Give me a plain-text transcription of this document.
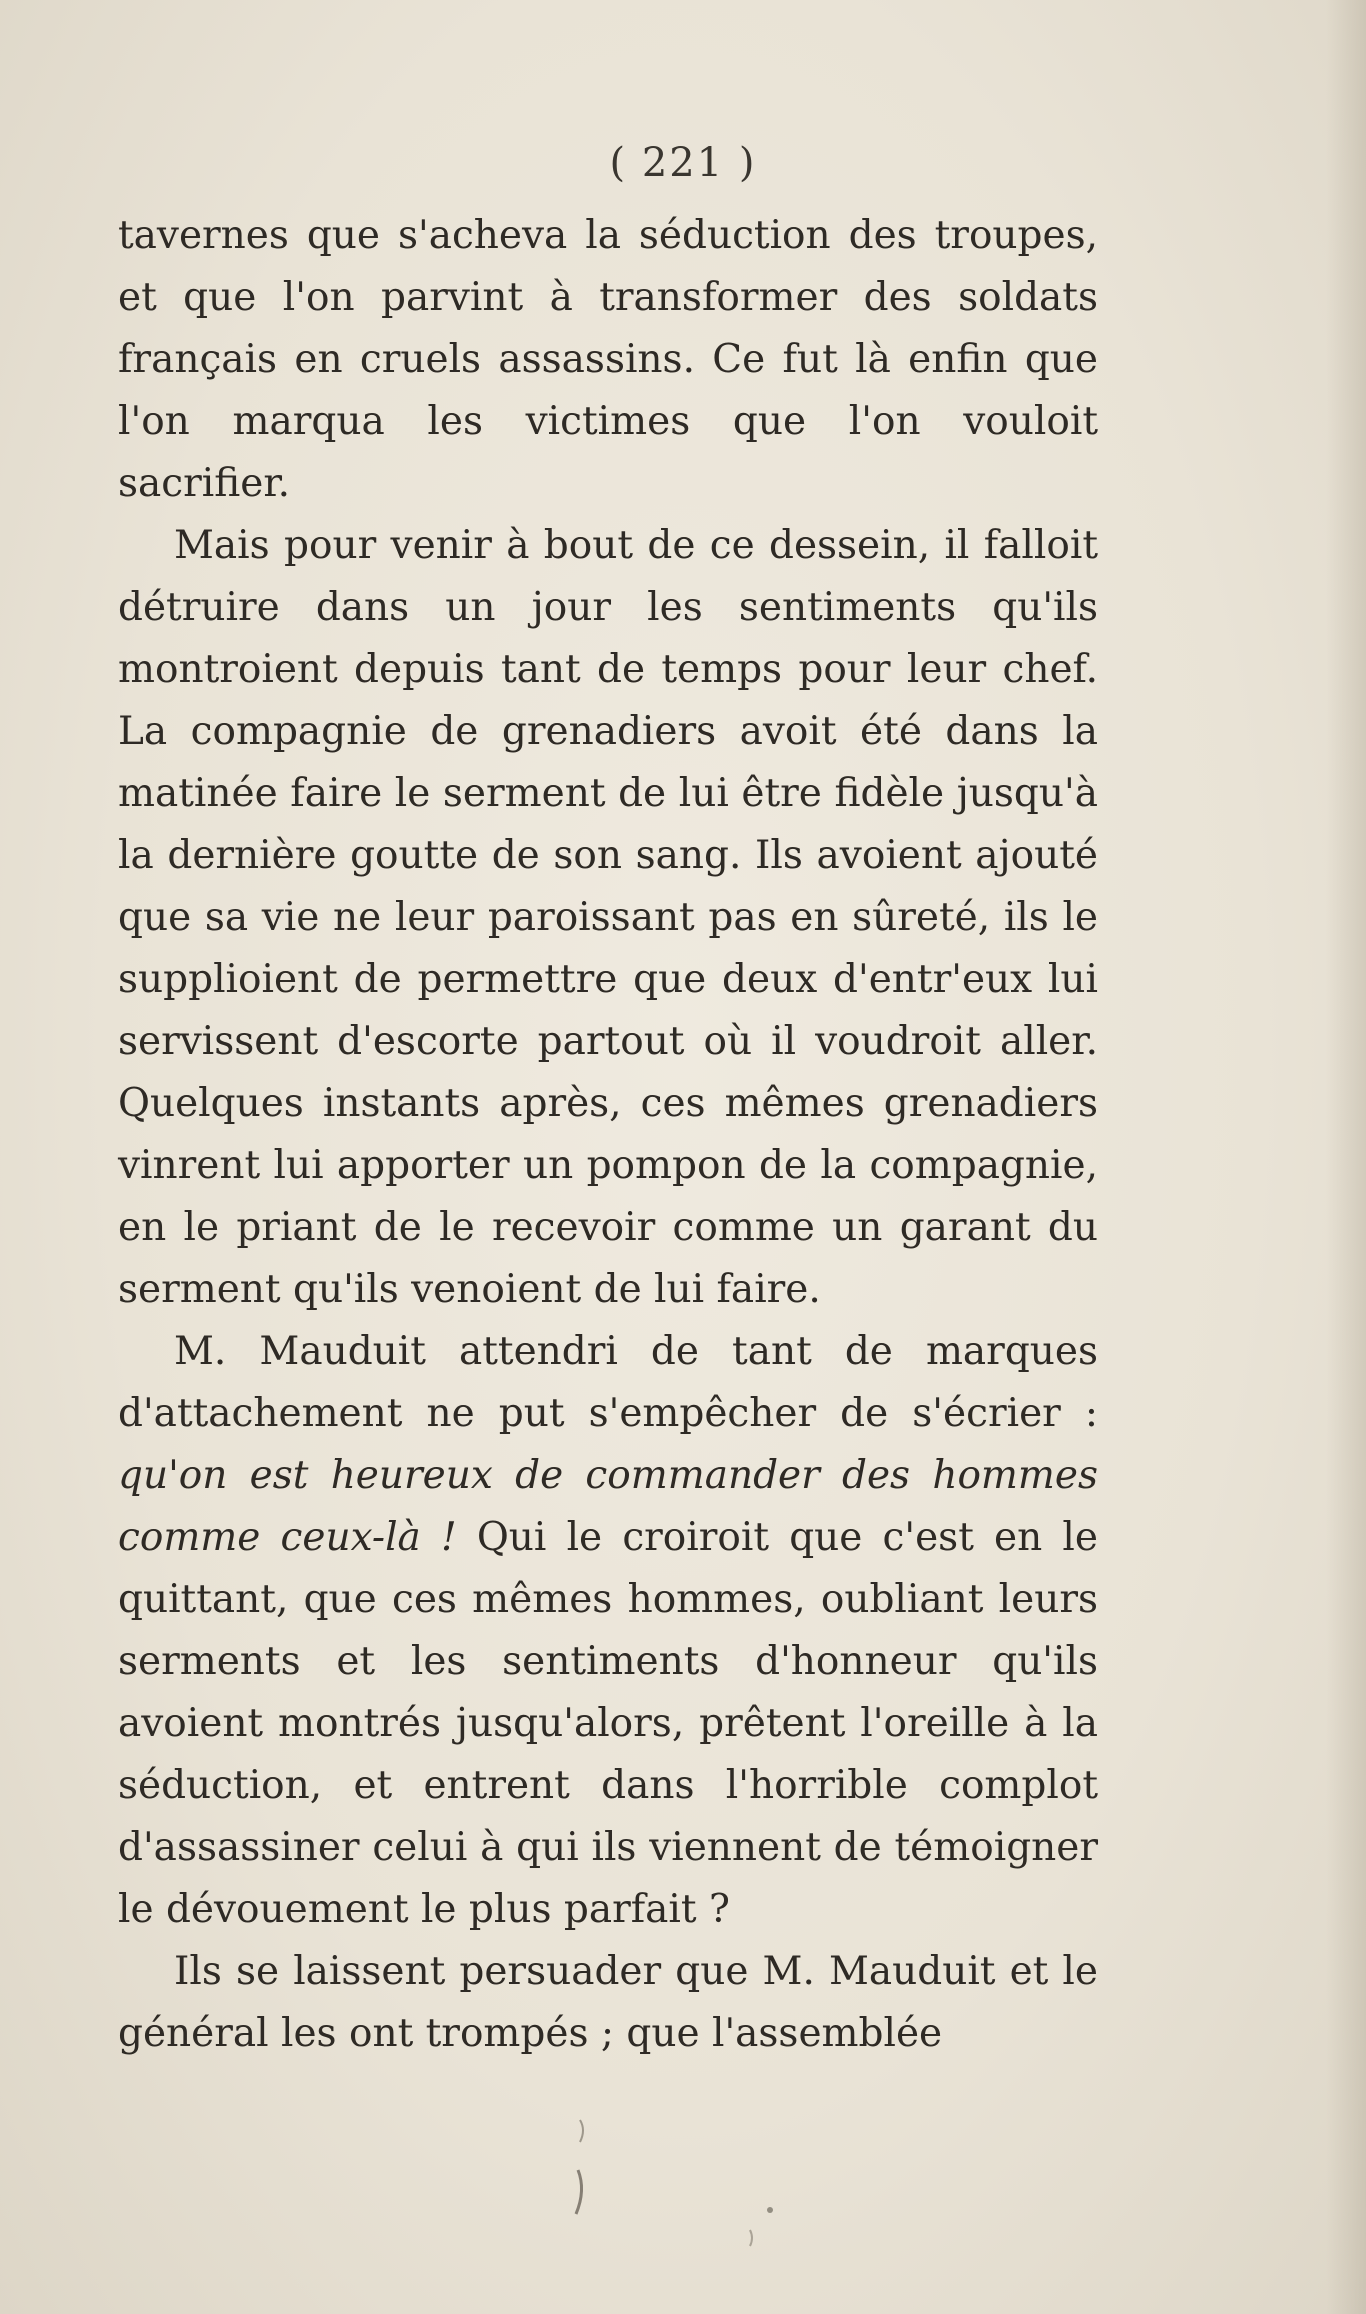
( 221 )

tavernes que s'acheva la séduction des troupes, et que l'on parvint à transformer des soldats français en cruels assassins. Ce fut là enfin que l'on marqua les victimes que l'on vouloit sacrifier.

Mais pour venir à bout de ce dessein, il falloit détruire dans un jour les sentiments qu'ils montroient depuis tant de temps pour leur chef. La compagnie de grenadiers avoit été dans la matinée faire le serment de lui être fidèle jusqu'à la dernière goutte de son sang. Ils avoient ajouté que sa vie ne leur paroissant pas en sûreté, ils le supplioient de permettre que deux d'entr'eux lui servissent d'escorte partout où il voudroit aller. Quelques instants après, ces mêmes grenadiers vinrent lui apporter un pompon de la compagnie, en le priant de le recevoir comme un garant du serment qu'ils venoient de lui faire.

M. Mauduit attendri de tant de marques d'attachement ne put s'empêcher de s'écrier : qu'on est heureux de commander des hommes comme ceux-là ! Qui le croiroit que c'est en le quittant, que ces mêmes hommes, oubliant leurs serments et les sentiments d'honneur qu'ils avoient montrés jusqu'alors, prêtent l'oreille à la séduction, et entrent dans l'horrible complot d'assassiner celui à qui ils viennent de témoigner le dévouement le plus parfait ?

Ils se laissent persuader que M. Mauduit et le général les ont trompés ; que l'assemblée
